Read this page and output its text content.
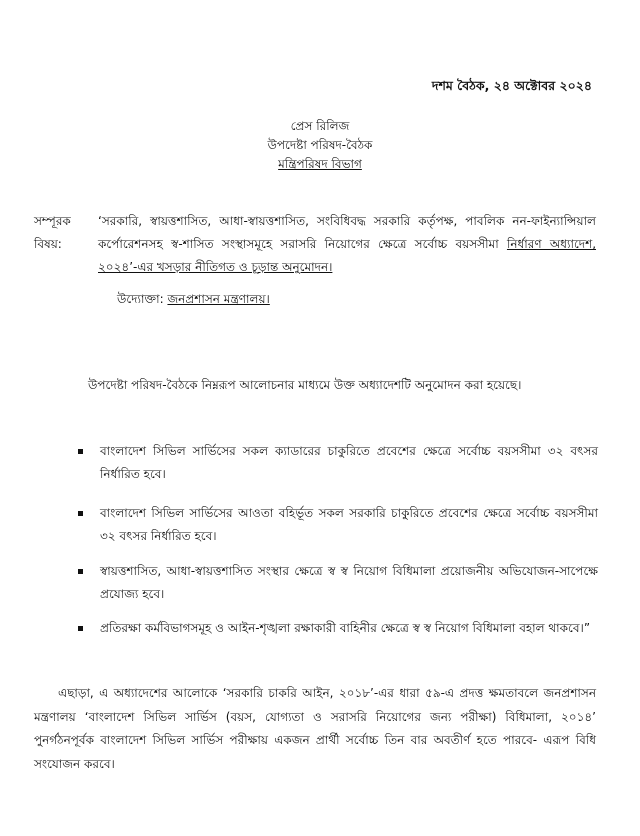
দশম বৈঠক, ২৪ অক্টোবর ২০২৪
প্রেস রিলিজ
উপদেষ্টা পরিষদ-বৈঠক
মন্ত্রিপরিষদ বিভাগ
সম্পূরক বিষয়:
‘সরকারি, স্বায়ত্তশাসিত, আধা-স্বায়ত্তশাসিত, সংবিধিবদ্ধ সরকারি কর্তৃপক্ষ, পাবলিক নন-ফাইন্যান্সিয়াল কর্পোরেশনসহ স্ব-শাসিত সংস্থাসমূহে সরাসরি নিয়োগের ক্ষেত্রে সর্বোচ্চ বয়সসীমা নির্ধারণ অধ্যাদেশ, ২০২৪’-এর খসড়ার নীতিগত ও চূড়ান্ত অনুমোদন।
উদ্যোক্তা: জনপ্রশাসন মন্ত্রণালয়।
উপদেষ্টা পরিষদ-বৈঠকে নিম্নরূপ আলোচনার মাধ্যমে উক্ত অধ্যাদেশটি অনুমোদন করা হয়েছে।
বাংলাদেশ সিভিল সার্ভিসের সকল ক্যাডারের চাকুরিতে প্রবেশের ক্ষেত্রে সর্বোচ্চ বয়সসীমা ৩২ বৎসর নির্ধারিত হবে।
বাংলাদেশ সিভিল সার্ভিসের আওতা বহির্ভূত সকল সরকারি চাকুরিতে প্রবেশের ক্ষেত্রে সর্বোচ্চ বয়সসীমা ৩২ বৎসর নির্ধারিত হবে।
স্বায়ত্তশাসিত, আধা-স্বায়ত্তশাসিত সংস্থার ক্ষেত্রে স্ব স্ব নিয়োগ বিধিমালা প্রয়োজনীয় অভিযোজন-সাপেক্ষে প্রযোজ্য হবে।
প্রতিরক্ষা কর্মবিভাগসমূহ ও আইন-শৃঙ্খলা রক্ষাকারী বাহিনীর ক্ষেত্রে স্ব স্ব নিয়োগ বিধিমালা বহাল থাকবে।”
এছাড়া, এ অধ্যাদেশের আলোকে ‘সরকারি চাকরি আইন, ২০১৮’-এর ধারা ৫৯-এ প্রদত্ত ক্ষমতাবলে জনপ্রশাসন মন্ত্রণালয় ‘বাংলাদেশ সিভিল সার্ভিস (বয়স, যোগ্যতা ও সরাসরি নিয়োগের জন্য পরীক্ষা) বিধিমালা, ২০১৪’ পুনর্গঠনপূর্বক বাংলাদেশ সিভিল সার্ভিস পরীক্ষায় একজন প্রার্থী সর্বোচ্চ তিন বার অবতীর্ণ হতে পারবে- এরূপ বিধি সংযোজন করবে।
